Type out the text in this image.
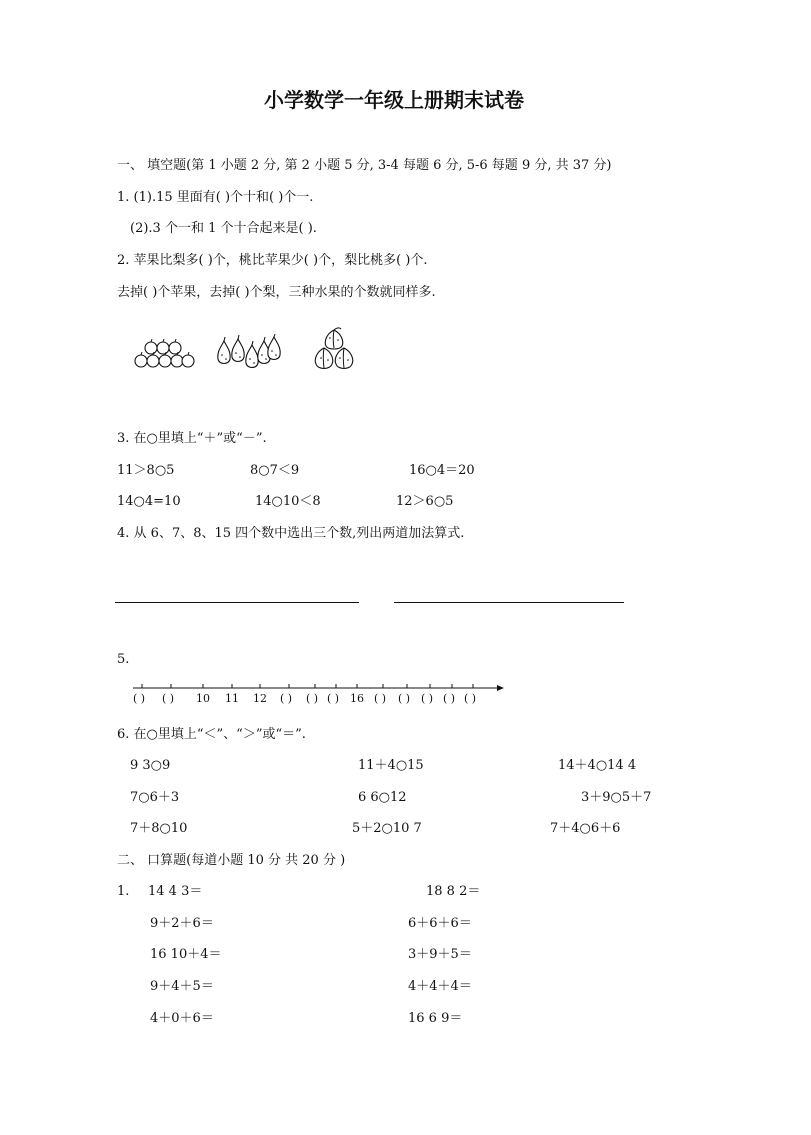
小学数学一年级上册期末试卷
一、 填空题(第 1 小题 2 分, 第 2 小题 5 分, 3-4 每题 6 分, 5-6 每题 9 分, 共 37 分)
1. (1).15 里面有( )个十和( )个一.
(2).3 个一和 1 个十合起来是( ).
2. 苹果比梨多( )个，桃比苹果少( )个，梨比桃多( )个.
去掉( )个苹果，去掉( )个梨，三种水果的个数就同样多.
3. 在○里填上“＋”或“－”.
11＞8○5	8○7＜9	16○4＝20
14○4=10	14○10＜8	12＞6○5
4. 从 6、7、8、15 四个数中选出三个数,列出两道加法算式.
5.
( ) ( ) 10 11 12 ( ) ( ) ( ) 16 ( ) ( ) ( ) ( ) ( )
6. 在○里填上“＜”、“＞”或“＝”.
9 3○9	11＋4○15	14＋4○14 4
7○6＋3	6 6○12	3＋9○5＋7
7＋8○10	5＋2○10 7	7＋4○6＋6
二、 口算题(每道小题 10 分 共 20 分 )
1. 14 4 3＝	18 8 2＝
9＋2＋6＝	6＋6＋6＝
16 10＋4＝	3＋9＋5＝
9＋4＋5＝	4＋4＋4＝
4＋0＋6＝	16 6 9＝
